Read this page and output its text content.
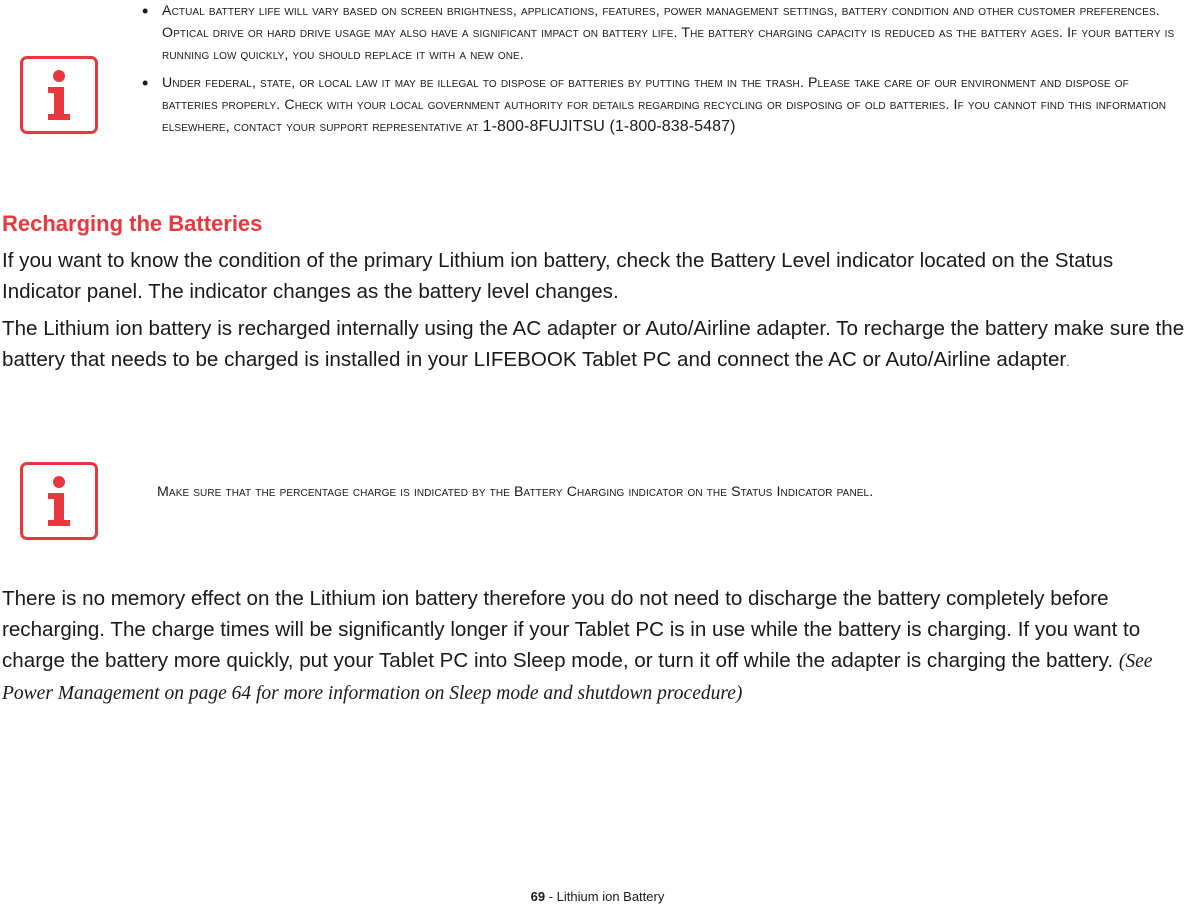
• Actual battery life will vary based on screen brightness, applications, features, power management settings, battery condition and other customer preferences. Optical drive or hard drive usage may also have a significant impact on battery life. The battery charging capacity is reduced as the battery ages. If your battery is running low quickly, you should replace it with a new one.
• Under federal, state, or local law it may be illegal to dispose of batteries by putting them in the trash. Please take care of our environment and dispose of batteries properly. Check with your local government authority for details regarding recycling or disposing of old batteries. If you cannot find this information elsewhere, contact your support representative at 1-800-8FUJITSU (1-800-838-5487)
Recharging the Batteries
If you want to know the condition of the primary Lithium ion battery, check the Battery Level indicator located on the Status Indicator panel. The indicator changes as the battery level changes.
The Lithium ion battery is recharged internally using the AC adapter or Auto/Airline adapter. To recharge the battery make sure the battery that needs to be charged is installed in your LIFEBOOK Tablet PC and connect the AC or Auto/Airline adapter.
Make sure that the percentage charge is indicated by the Battery Charging indicator on the Status Indicator panel.
There is no memory effect on the Lithium ion battery therefore you do not need to discharge the battery completely before recharging. The charge times will be significantly longer if your Tablet PC is in use while the battery is charging. If you want to charge the battery more quickly, put your Tablet PC into Sleep mode, or turn it off while the adapter is charging the battery. (See Power Management on page 64 for more information on Sleep mode and shutdown procedure)
69 - Lithium ion Battery
